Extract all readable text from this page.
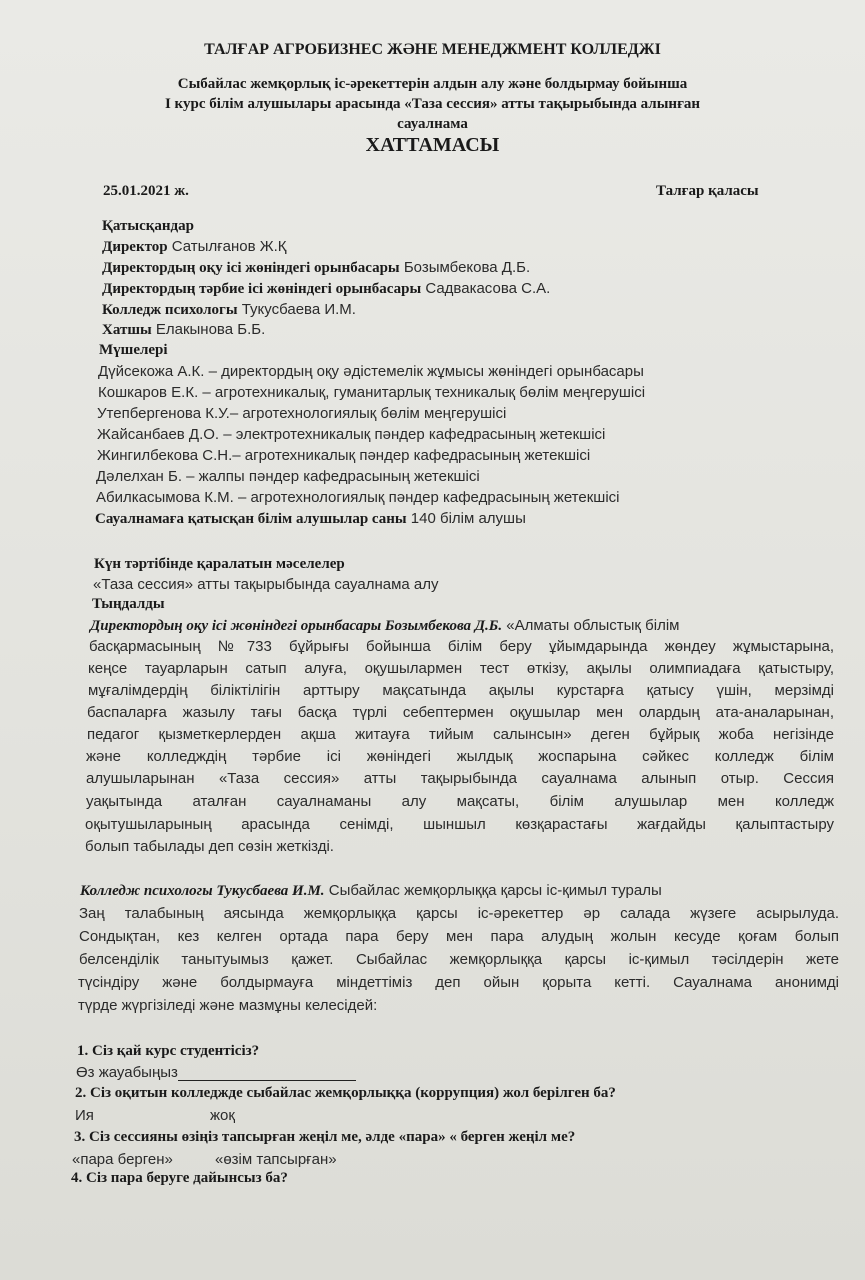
ТАЛҒАР АГРОБИЗНЕС ЖӘНЕ МЕНЕДЖМЕНТ КОЛЛЕДЖІ
Сыбайлас жемқорлық іс-әрекеттерін алдын алу және болдырмау бойынша
І курс білім алушылары арасында «Таза сессия» атты тақырыбында алынған
сауалнама
ХАТТАМАСЫ
25.01.2021 ж.	Талғар қаласы
Қатысқандар
Директор Сатылғанов Ж.Қ
Директордың оқу ісі жөніндегі орынбасары Бозымбекова Д.Б.
Директордың тәрбие ісі жөніндегі орынбасары Садвакасова С.А.
Колледж психологы Тукусбаева И.М.
Хатшы Елакынова Б.Б.
Мүшелері
Дүйсекожа А.К. – директордың оқу әдістемелік жұмысы жөніндегі орынбасары
Кошкаров Е.К. – агротехникалық, гуманитарлық техникалық бөлім меңгерушісі
Утепбергенова К.У.– агротехнологиялық бөлім меңгерушісі
Жайсанбаев Д.О. – электротехникалық пәндер кафедрасының жетекшісі
Жингилбекова С.Н.– агротехникалық пәндер кафедрасының жетекшісі
Дәлелхан Б. – жалпы пәндер кафедрасының жетекшісі
Абилкасымова К.М. – агротехнологиялық пәндер кафедрасының жетекшісі
Сауалнамаға қатысқан білім алушылар саны 140 білім алушы
Күн тәртібінде қаралатын мәселелер
«Таза сессия» атты тақырыбында сауалнама алу
Тыңдалды
Директордың оқу ісі жөніндегі орынбасары Бозымбекова Д.Б. «Алматы облыстық білім
басқармасының №733 бұйрығы бойынша білім беру ұйымдарында жөндеу жұмыстарына,
кеңсе тауарларын сатып алуға, оқушылармен тест өткізу, ақылы олимпиадаға қатыстыру,
мұғалімдердің біліктілігін арттыру мақсатында ақылы курстарға қатысу үшін, мерзімді
баспаларға жазылу тағы басқа түрлі себептермен оқушылар мен олардың ата-аналарынан,
педагог қызметкерлерден ақша житауға тийым салынсын» деген бұйрық жоба негізінде
және колледждің тәрбие ісі жөніндегі жылдық жоспарына сәйкес колледж білім
алушыларынан «Таза сессия» атты тақырыбында сауалнама алынып отыр. Сессия
уақытында аталған сауалнаманы алу мақсаты, білім алушылар мен колледж
оқытушыларының арасында сенімді, шыншыл көзқарастағы жағдайды қалыптастыру
болып табылады деп сөзін жеткізді.
Колледж психологы Тукусбаева И.М. Сыбайлас жемқорлыққа қарсы іс-қимыл туралы
Заң талабының аясында жемқорлыққа қарсы іс-әрекеттер әр салада жүзеге асырылуда.
Сондықтан, кез келген ортада пара беру мен пара алудың жолын кесуде қоғам болып
белсенділік танытуымыз қажет. Сыбайлас жемқорлыққа қарсы іс-қимыл тәсілдерін жете
түсіндіру және болдырмауға міндеттіміз деп ойын қорыта кетті. Сауалнама анонимді
түрде жүргізіледі және мазмұны келесідей:
1. Сіз қай курс студентісіз?
Өз жауабыңыз
2. Сіз оқитын колледжде сыбайлас жемқорлыққа (коррупция) жол берілген ба?
Ия	жоқ
3. Сіз сессияны өзіңіз тапсырған жеңіл ме, әлде «пара» « берген жеңіл ме?
«пара берген»	«өзім тапсырған»
4. Сіз пара беруге дайынсыз ба?
